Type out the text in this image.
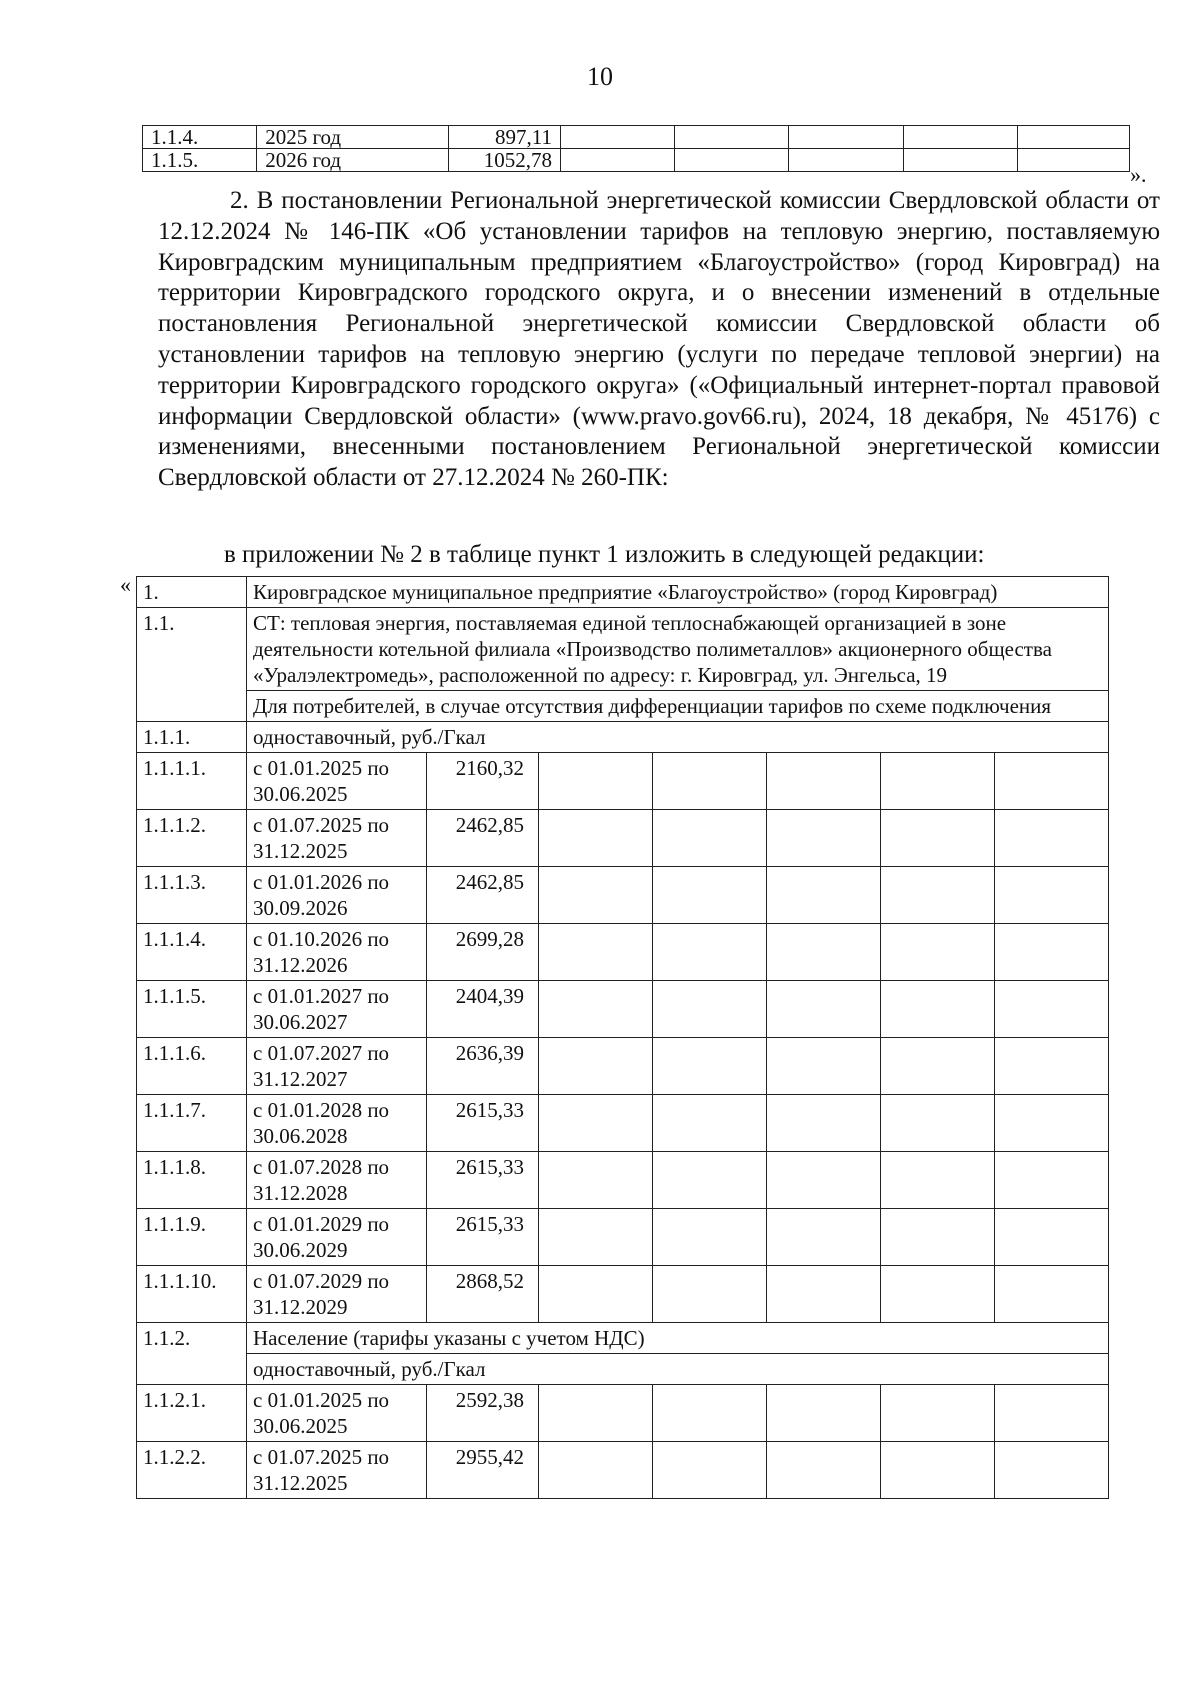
10
1.1.4.	2025 год	897,11					
1.1.5.	2026 год	1052,78					
».
2. В постановлении Региональной энергетической комиссии Свердловской области от 12.12.2024 № 146-ПК «Об установлении тарифов на тепловую энергию, поставляемую Кировградским муниципальным предприятием «Благоустройство» (город Кировград) на территории Кировградского городского округа, и о внесении изменений в отдельные постановления Региональной энергетической комиссии Свердловской области об установлении тарифов на тепловую энергию (услуги по передаче тепловой энергии) на территории Кировградского городского округа» («Официальный интернет-портал правовой информации Свердловской области» (www.pravo.gov66.ru), 2024, 18 декабря, № 45176) с изменениями, внесенными постановлением Региональной энергетической комиссии Свердловской области от 27.12.2024 № 260-ПК:
в приложении № 2 в таблице пункт 1 изложить в следующей редакции:
« 1.	Кировградское муниципальное предприятие «Благоустройство» (город Кировград)						
1.1.	СТ: тепловая энергия, поставляемая единой теплоснабжающей организацией в зоне деятельности котельной филиала «Производство полиметаллов» акционерного общества «Уралэлектромедь», расположенной по адресу: г. Кировград, ул. Энгельса, 19						
	Для потребителей, в случае отсутствия дифференциации тарифов по схеме подключения						
1.1.1.	одноставочный, руб./Гкал						
1.1.1.1.	с 01.01.2025 по 30.06.2025	2160,32					
1.1.1.2.	с 01.07.2025 по 31.12.2025	2462,85					
1.1.1.3.	с 01.01.2026 по 30.09.2026	2462,85					
1.1.1.4.	с 01.10.2026 по 31.12.2026	2699,28					
1.1.1.5.	с 01.01.2027 по 30.06.2027	2404,39					
1.1.1.6.	с 01.07.2027 по 31.12.2027	2636,39					
1.1.1.7.	с 01.01.2028 по 30.06.2028	2615,33					
1.1.1.8.	с 01.07.2028 по 31.12.2028	2615,33					
1.1.1.9.	с 01.01.2029 по 30.06.2029	2615,33					
1.1.1.10.	с 01.07.2029 по 31.12.2029	2868,52					
1.1.2.	Население (тарифы указаны с учетом НДС)						
	одноставочный, руб./Гкал						
1.1.2.1.	с 01.01.2025 по 30.06.2025	2592,38					
1.1.2.2.	с 01.07.2025 по 31.12.2025	2955,42					
